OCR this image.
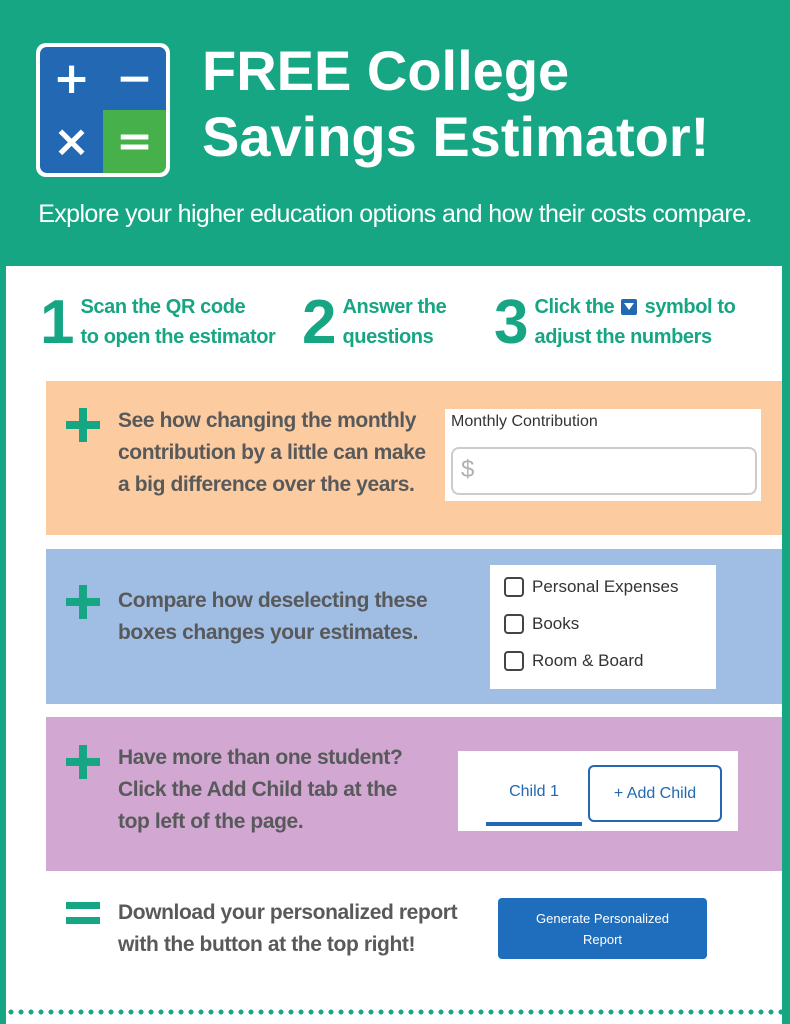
+ −
× =
FREE College
Savings Estimator!
Explore your higher education options and how their costs compare.
1 Scan the QR code
to open the estimator 2 Answer the
questions 3 Click the symbol to
adjust the numbers
See how changing the monthly
contribution by a little can make
a big difference over the years.
Monthly Contribution
$
Compare how deselecting these
boxes changes your estimates.
Personal Expenses
Books
Room & Board
Have more than one student?
Click the Add Child tab at the
top left of the page.
Child 1	+ Add Child
Download your personalized report
with the button at the top right!
Generate Personalized Report
